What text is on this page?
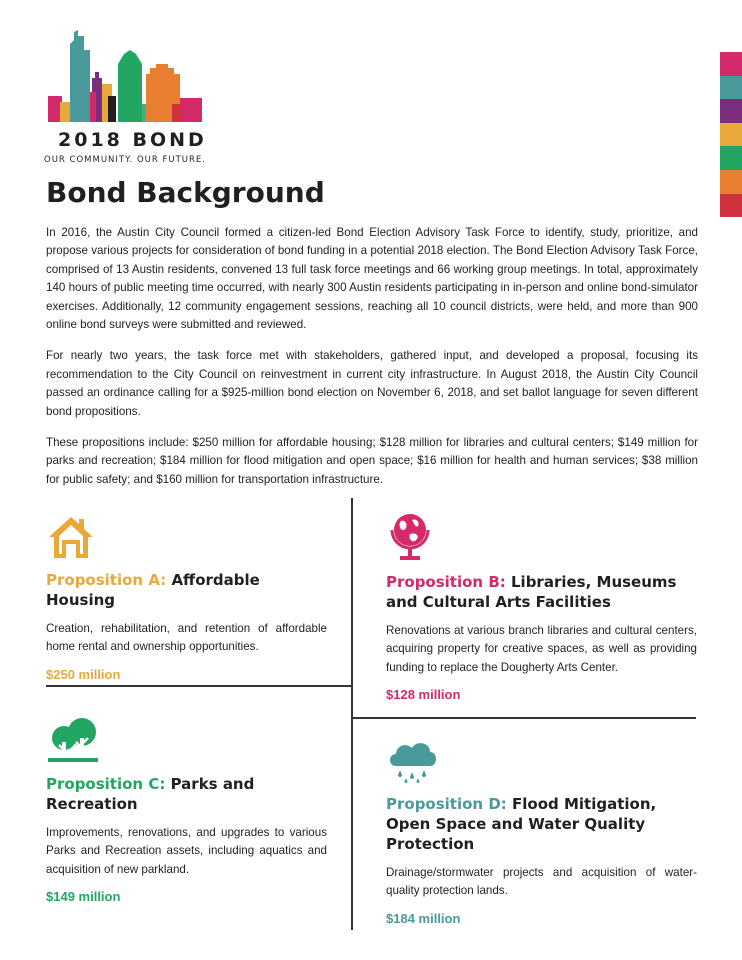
2018 BOND
OUR COMMUNITY. OUR FUTURE.
Bond Background

In 2016, the Austin City Council formed a citizen-led Bond Election Advisory Task Force to identify, study, prioritize, and propose various projects for consideration of bond funding in a potential 2018 election. The Bond Election Advisory Task Force, comprised of 13 Austin residents, convened 13 full task force meetings and 66 working group meetings. In total, approximately 140 hours of public meeting time occurred, with nearly 300 Austin residents participating in in-person and online bond-simulator exercises. Additionally, 12 community engagement sessions, reaching all 10 council districts, were held, and more than 900 online bond surveys were submitted and reviewed.

For nearly two years, the task force met with stakeholders, gathered input, and developed a proposal, focusing its recommendation to the City Council on reinvestment in current city infrastructure. In August 2018, the Austin City Council passed an ordinance calling for a $925-million bond election on November 6, 2018, and set ballot language for seven different bond propositions.

These propositions include: $250 million for affordable housing; $128 million for libraries and cultural centers; $149 million for parks and recreation; $184 million for flood mitigation and open space; $16 million for health and human services; $38 million for public safety; and $160 million for transportation infrastructure.

Proposition A: Affordable Housing

Creation, rehabilitation, and retention of affordable home rental and ownership opportunities.

$250 million

Proposition B: Libraries, Museums and Cultural Arts Facilities

Renovations at various branch libraries and cultural centers, acquiring property for creative spaces, as well as providing funding to replace the Dougherty Arts Center.

$128 million

Proposition C: Parks and Recreation

Improvements, renovations, and upgrades to various Parks and Recreation assets, including aquatics and acquisition of new parkland.

$149 million

Proposition D: Flood Mitigation, Open Space and Water Quality Protection

Drainage/stormwater projects and acquisition of water-quality protection lands.

$184 million
